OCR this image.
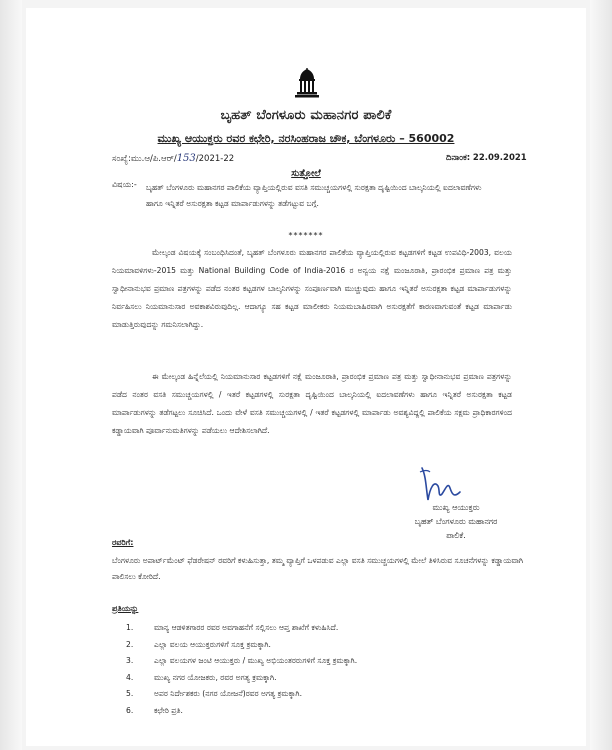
ಬೃಹತ್ ಬೆಂಗಳೂರು ಮಹಾನಗರ ಪಾಲಿಕೆ
ಮುಖ್ಯ ಆಯುಕ್ತರು ರವರ ಕಛೇರಿ, ನರಸಿಂಹರಾಜ ಚೌಕ, ಬೆಂಗಳೂರು – 560002
ಸಂಖ್ಯೆ:ಮು.ಆ/ಪಿ.ಆರ್/153/2021-22	ದಿನಾಂಕ: 22.09.2021
ಸುತ್ತೋಲೆ
ವಿಷಯ:- ಬೃಹತ್ ಬೆಂಗಳೂರು ಮಹಾನಗರ ಪಾಲಿಕೆಯ ವ್ಯಾಪ್ತಿಯಲ್ಲಿರುವ ವಸತಿ ಸಮುಚ್ಚಯಗಳಲ್ಲಿ ಸುರಕ್ಷತಾ ದೃಷ್ಟಿಯಿಂದ ಬಾಲ್ಕನಿಯಲ್ಲಿ ಐದಲಾವಣೆಗಳು ಹಾಗೂ ಇನ್ನಿತರೆ ಅಸುರಕ್ಷತಾ ಕಟ್ಟಡ ಮಾರ್ಪಾಡುಗಳನ್ನು ತಡೆಗಟ್ಟುವ ಬಗ್ಗೆ.
*******
ಮೇಲ್ಕಂಡ ವಿಷಯಕ್ಕೆ ಸಂಬಂಧಿಸಿದಂತೆ, ಬೃಹತ್ ಬೆಂಗಳೂರು ಮಹಾನಗರ ಪಾಲಿಕೆಯ ವ್ಯಾಪ್ತಿಯಲ್ಲಿರುವ ಕಟ್ಟಡಗಳಿಗೆ ಕಟ್ಟಡ ಉಪವಿಧಿ-2003, ವಲಯ ನಿಯಮಾವಳಿಗಳು-2015 ಮತ್ತು National Building Code of India-2016 ರ ಅನ್ವಯ ನಕ್ಷೆ ಮಂಜೂರಾತಿ, ಪ್ರಾರಂಭಿಕ ಪ್ರಮಾಣ ಪತ್ರ ಮತ್ತು ಸ್ವಾಧೀನಾನುಭವ ಪ್ರಮಾಣ ಪತ್ರಗಳನ್ನು ಪಡೆದ ನಂತರ ಕಟ್ಟಡಗಳ ಬಾಲ್ಕನಿಗಳನ್ನು ಸಂಪೂರ್ಣವಾಗಿ ಮುಚ್ಚುವುದು ಹಾಗೂ ಇನ್ನಿತರೆ ಅಸುರಕ್ಷತಾ ಕಟ್ಟಡ ಮಾರ್ಪಾಡುಗಳನ್ನು ನಿರ್ವಹಿಸಲು ನಿಯಮಾನುಸಾರ ಅವಕಾಶವಿರುವುದಿಲ್ಲ. ಆದಾಗ್ಯೂ ಸಹ ಕಟ್ಟಡ ಮಾಲೀಕರು ನಿಯಮಬಾಹಿರವಾಗಿ ಅಸುರಕ್ಷತೆಗೆ ಕಾರಣವಾಗುವಂತೆ ಕಟ್ಟಡ ಮಾರ್ಪಾಡು ಮಾಡುತ್ತಿರುವುದನ್ನು ಗಮನಿಸಲಾಗಿದ್ದು.
ಈ ಮೇಲ್ಕಂಡ ಹಿನ್ನೆಲೆಯಲ್ಲಿ ನಿಯಮಾನುಸಾರ ಕಟ್ಟಡಗಳಿಗೆ ನಕ್ಷೆ ಮಂಜೂರಾತಿ, ಪ್ರಾರಂಭಿಕ ಪ್ರಮಾಣ ಪತ್ರ ಮತ್ತು ಸ್ವಾಧೀನಾನುಭವ ಪ್ರಮಾಣ ಪತ್ರಗಳನ್ನು ಪಡೆದ ನಂತರ ವಸತಿ ಸಮುಚ್ಚಯಗಳಲ್ಲಿ / ಇತರೆ ಕಟ್ಟಡಗಳಲ್ಲಿ ಸುರಕ್ಷತಾ ದೃಷ್ಟಿಯಿಂದ ಬಾಲ್ಕನಿಯಲ್ಲಿ ಐದಲಾವಣೆಗಳು ಹಾಗೂ ಇನ್ನಿತರೆ ಅಸುರಕ್ಷತಾ ಕಟ್ಟಡ ಮಾರ್ಪಾಡುಗಳನ್ನು ತಡೆಗಟ್ಟಲು ಸೂಚಿಸಿದೆ. ಒಂದು ವೇಳೆ ವಸತಿ ಸಮುಚ್ಚಯಗಳಲ್ಲಿ / ಇತರೆ ಕಟ್ಟಡಗಳಲ್ಲಿ ಮಾರ್ಪಾಡು ಅವಶ್ಯವಿದ್ದಲ್ಲಿ ಪಾಲಿಕೆಯ ಸಕ್ಷಮ ಪ್ರಾಧಿಕಾರಗಳಿಂದ ಕಡ್ಡಾಯವಾಗಿ ಪೂರ್ವಾನುಮತಿಗಳನ್ನು ಪಡೆಯಲು ಆದೇಶಿಸಲಾಗಿದೆ.
ಮುಖ್ಯ ಆಯುಕ್ತರು
ಬೃಹತ್ ಬೆಂಗಳೂರು ಮಹಾನಗರ ಪಾಲಿಕೆ.
ರವರಿಗೆ:
ಬೆಂಗಳೂರು ಅಪಾರ್ಟ್‌ಮೆಂಟ್ ಫೆಡರೇಷನ್ ರವರಿಗೆ ಕಳುಹಿಸುತ್ತಾ, ತಮ್ಮ ವ್ಯಾಪ್ತಿಗೆ ಒಳಪಡುವ ಎಲ್ಲಾ ವಸತಿ ಸಮುಚ್ಚಯಗಳಲ್ಲಿ ಮೇಲೆ ತಿಳಿಸಿರುವ ಸೂಚನೆಗಳನ್ನು ಕಡ್ಡಾಯವಾಗಿ ಪಾಲಿಸಲು ಕೋರಿದೆ.
ಪ್ರತಿಯನ್ನು
1.	ಮಾನ್ಯ ಆಡಳಿತಗಾರರ ರವರ ಅವಗಾಹನೆಗೆ ಸಲ್ಲಿಸಲು ಆಪ್ತ ಶಾಖೆಗೆ ಕಳುಹಿಸಿದೆ.
2.	ಎಲ್ಲಾ ವಲಯ ಆಯುಕ್ತರುಗಳಿಗೆ ಸೂಕ್ತ ಕ್ರಮಕ್ಕಾಗಿ.
3.	ಎಲ್ಲಾ ವಲಯಗಳ ಜಂಟಿ ಆಯುಕ್ತರು / ಮುಖ್ಯ ಅಭಿಯಂತರರುಗಳಿಗೆ ಸೂಕ್ತ ಕ್ರಮಕ್ಕಾಗಿ.
4.	ಮುಖ್ಯ ನಗರ ಯೋಜಕರು, ರವರ ಅಗತ್ಯ ಕ್ರಮಕ್ಕಾಗಿ.
5.	ಅಪರ ನಿರ್ದೇಶಕರು (ನಗರ ಯೋಜನೆ)ರವರ ಅಗತ್ಯ ಕ್ರಮಕ್ಕಾಗಿ.
6.	ಕಛೇರಿ ಪ್ರತಿ.
